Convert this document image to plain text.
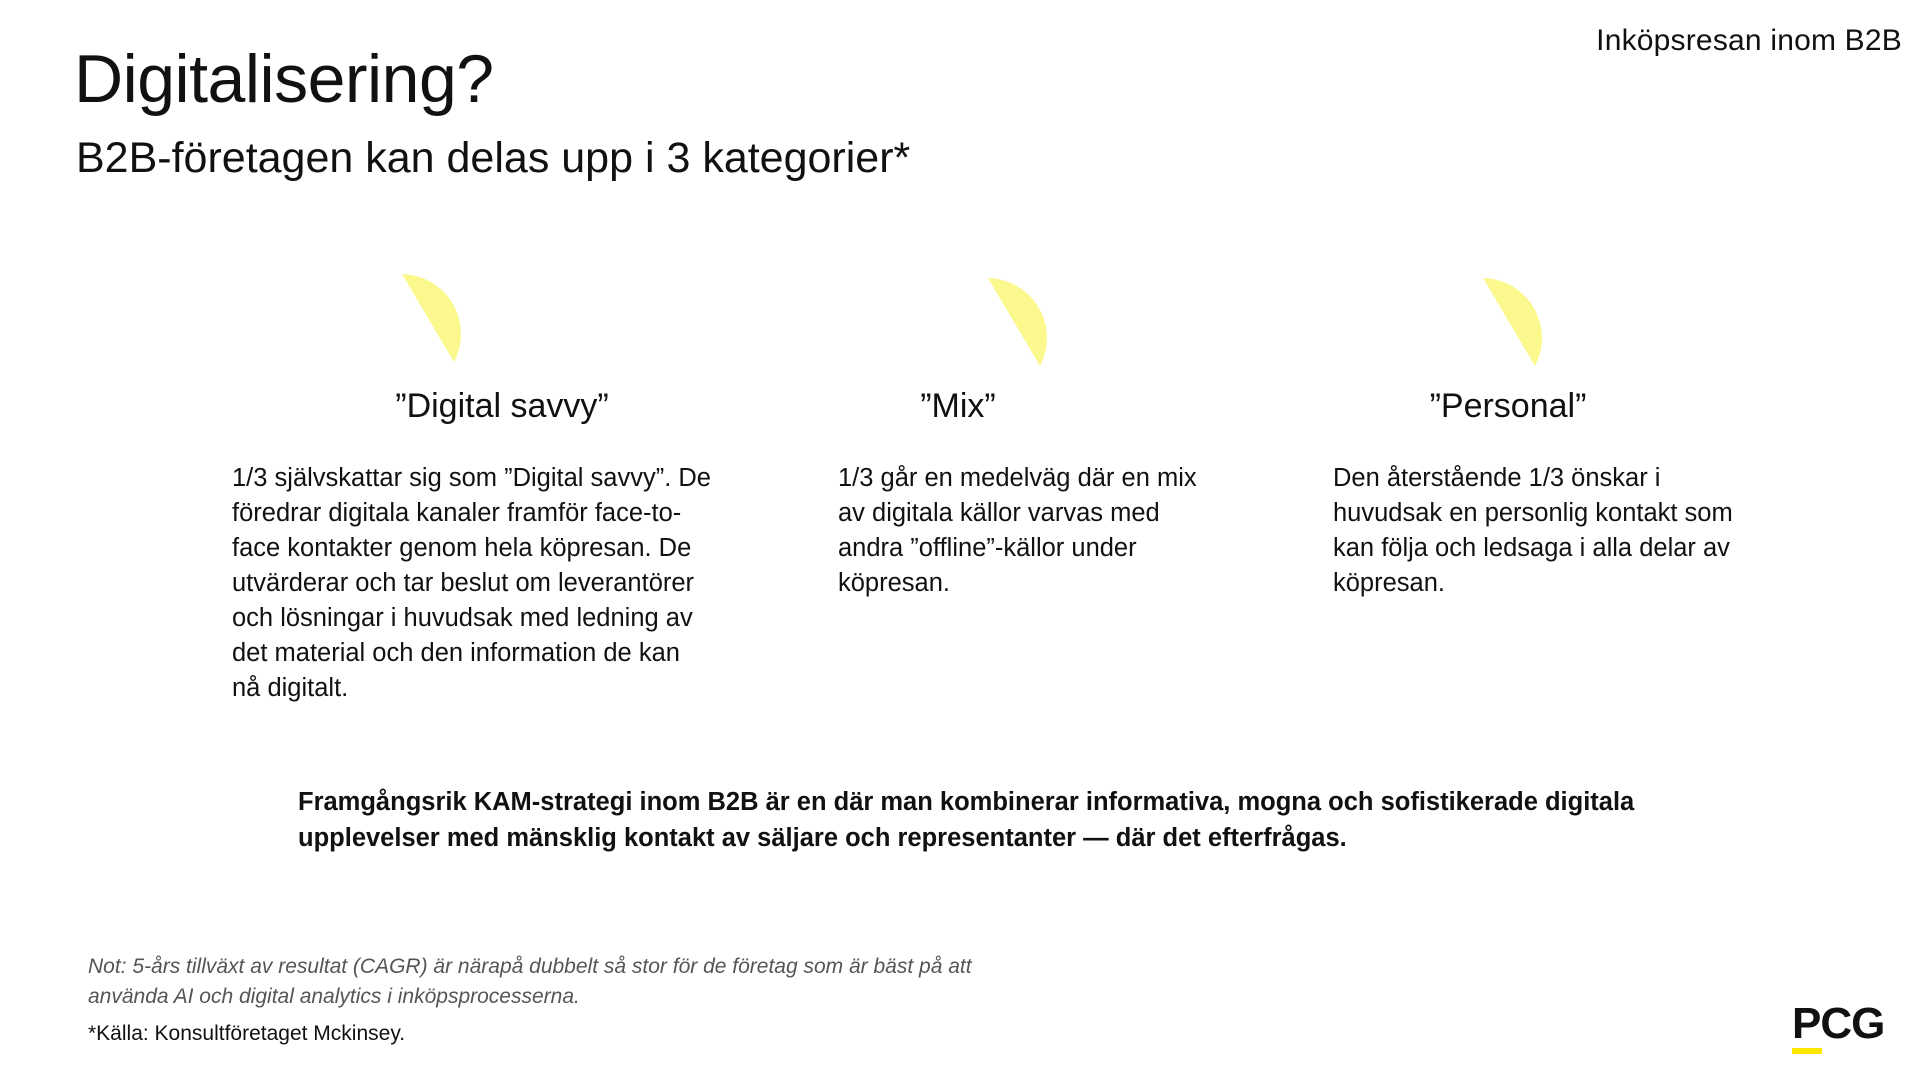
Inköpsresan inom B2B
Digitalisering?
B2B-företagen kan delas upp i 3 kategorier*
”Digital savvy”

1/3 självskattar sig som ”Digital savvy”. De föredrar digitala kanaler framför face-to-face kontakter genom hela köpresan. De utvärderar och tar beslut om leverantörer och lösningar i huvudsak med ledning av det material och den information de kan nå digitalt.

”Mix”

1/3 går en medelväg där en mix av digitala källor varvas med andra ”offline”-källor under köpresan.

”Personal”

Den återstående 1/3 önskar i huvudsak en personlig kontakt som kan följa och ledsaga i alla delar av köpresan.

Framgångsrik KAM-strategi inom B2B är en där man kombinerar informativa, mogna och sofistikerade digitala upplevelser med mänsklig kontakt av säljare och representanter — där det efterfrågas.

Not: 5-års tillväxt av resultat (CAGR) är närapå dubbelt så stor för de företag som är bäst på att använda AI och digital analytics i inköpsprocesserna.

*Källa: Konsultföretaget Mckinsey.	PCG
